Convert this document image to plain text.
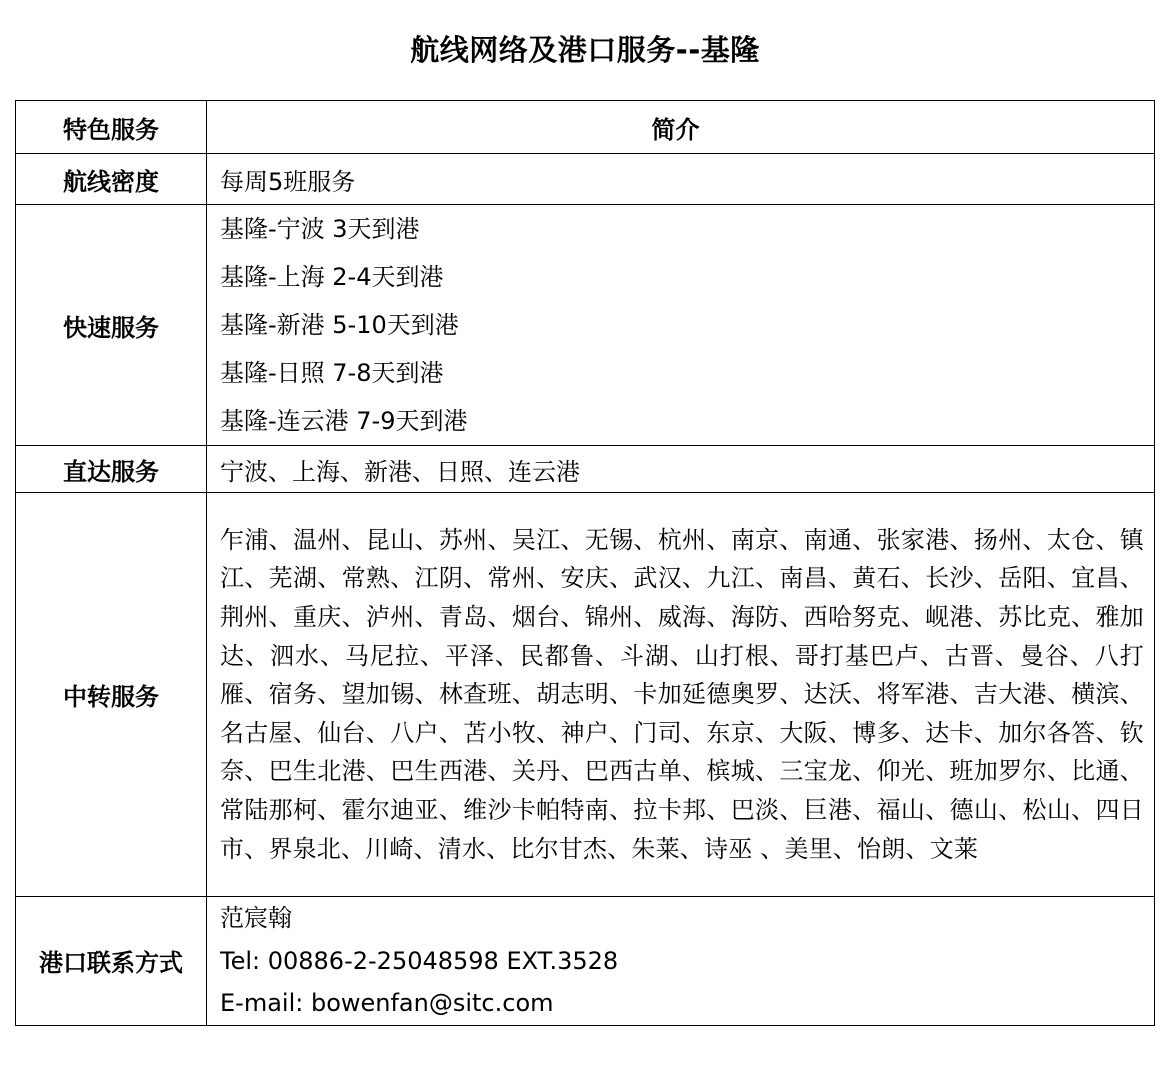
航线网络及港口服务--基隆
特色服务	简介
航线密度	每周5班服务
快速服务	基隆-宁波 3天到港
基隆-上海 2-4天到港
基隆-新港 5-10天到港
基隆-日照 7-8天到港
基隆-连云港 7-9天到港

直达服务	宁波、上海、新港、日照、连云港
中转服务	乍浦、温州、昆山、苏州、吴江、无锡、杭州、南京、南通、张家港、扬州、太仓、镇江、芜湖、常熟、江阴、常州、安庆、武汉、九江、南昌、黄石、长沙、岳阳、宜昌、荆州、重庆、泸州、青岛、烟台、锦州、威海、海防、西哈努克、岘港、苏比克、雅加达、泗水、马尼拉、平泽、民都鲁、斗湖、山打根、哥打基巴卢、古晋、曼谷、八打雁、宿务、望加锡、林查班、胡志明、卡加延德奥罗、达沃、将军港、吉大港、横滨、名古屋、仙台、八户、苫小牧、神户、门司、东京、大阪、博多、达卡、加尔各答、钦奈、巴生北港、巴生西港、关丹、巴西古单、槟城、三宝龙、仰光、班加罗尔、比通、常陆那柯、霍尔迪亚、维沙卡帕特南、拉卡邦、巴淡、巨港、福山、德山、松山、四日市、界泉北、川崎、清水、比尔甘杰、朱莱、诗巫 、美里、怡朗、文莱

港口联系方式	范宸翰
Tel: 00886-2-25048598 EXT.3528
E-mail: bowenfan@sitc.com
